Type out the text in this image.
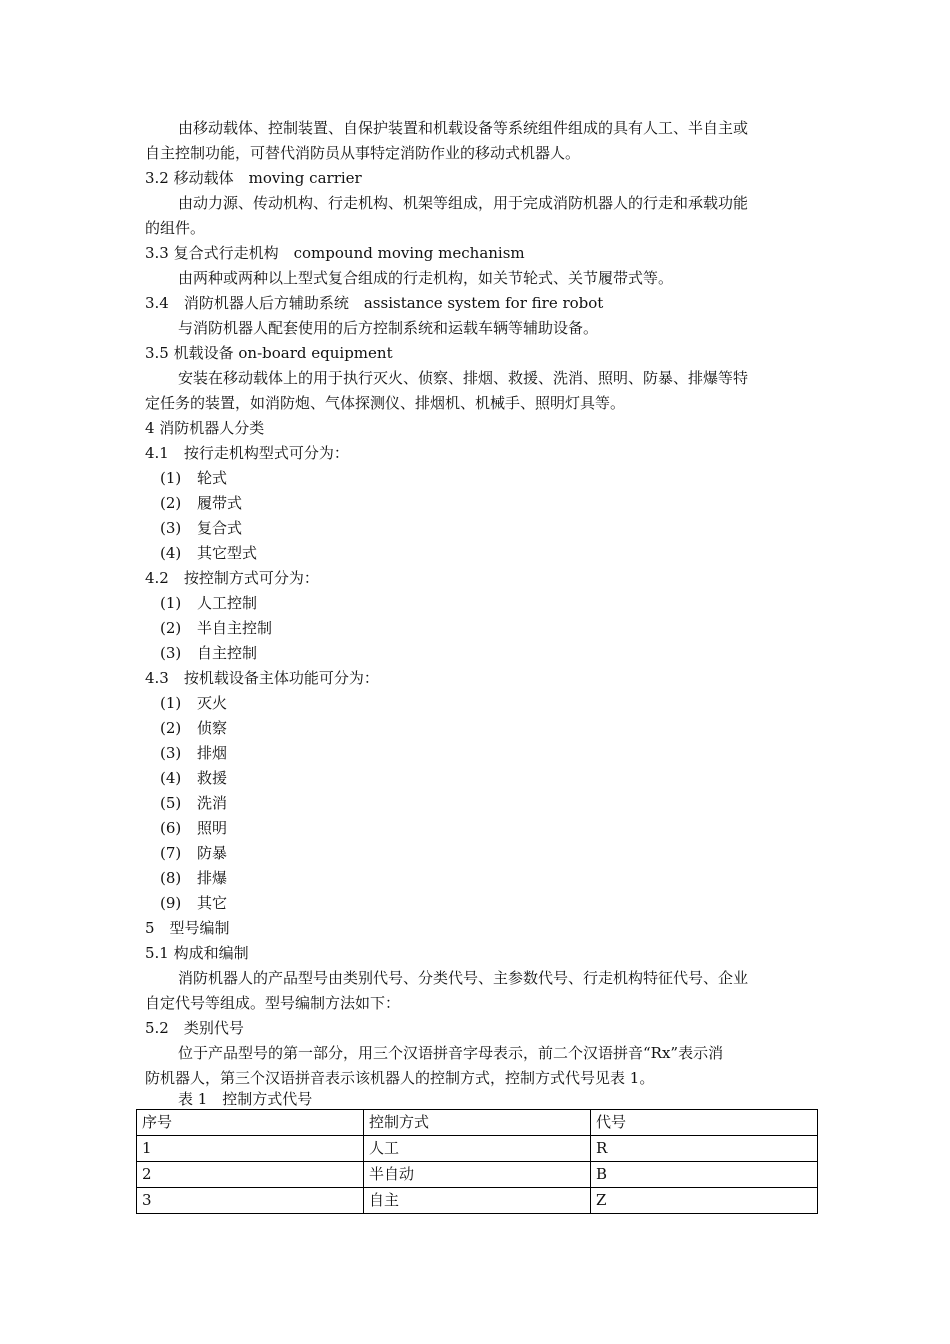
由移动载体、控制装置、自保护装置和机载设备等系统组件组成的具有人工、半自主或
自主控制功能，可替代消防员从事特定消防作业的移动式机器人。
3.2 移动载体　moving carrier
由动力源、传动机构、行走机构、机架等组成，用于完成消防机器人的行走和承载功能
的组件。
3.3 复合式行走机构　compound moving mechanism
由两种或两种以上型式复合组成的行走机构，如关节轮式、关节履带式等。
3.4　消防机器人后方辅助系统　assistance system for fire robot
与消防机器人配套使用的后方控制系统和运载车辆等辅助设备。
3.5 机载设备 on-board equipment
安装在移动载体上的用于执行灭火、侦察、排烟、救援、洗消、照明、防暴、排爆等特
定任务的装置，如消防炮、气体探测仪、排烟机、机械手、照明灯具等。
4 消防机器人分类
4.1　按行走机构型式可分为：
(1) 轮式
(2) 履带式
(3) 复合式
(4) 其它型式
4.2　按控制方式可分为：
(1) 人工控制
(2) 半自主控制
(3) 自主控制
4.3　按机载设备主体功能可分为：
(1) 灭火
(2) 侦察
(3) 排烟
(4) 救援
(5) 洗消
(6) 照明
(7) 防暴
(8) 排爆
(9) 其它
5　型号编制
5.1 构成和编制
消防机器人的产品型号由类别代号、分类代号、主参数代号、行走机构特征代号、企业
自定代号等组成。型号编制方法如下：
5.2　类别代号
位于产品型号的第一部分，用三个汉语拼音字母表示，前二个汉语拼音“Rx”表示消
防机器人，第三个汉语拼音表示该机器人的控制方式，控制方式代号见表 1。
表 1　控制方式代号
序号	控制方式	代号
1	人工	R
2	半自动	B
3	自主	Z
